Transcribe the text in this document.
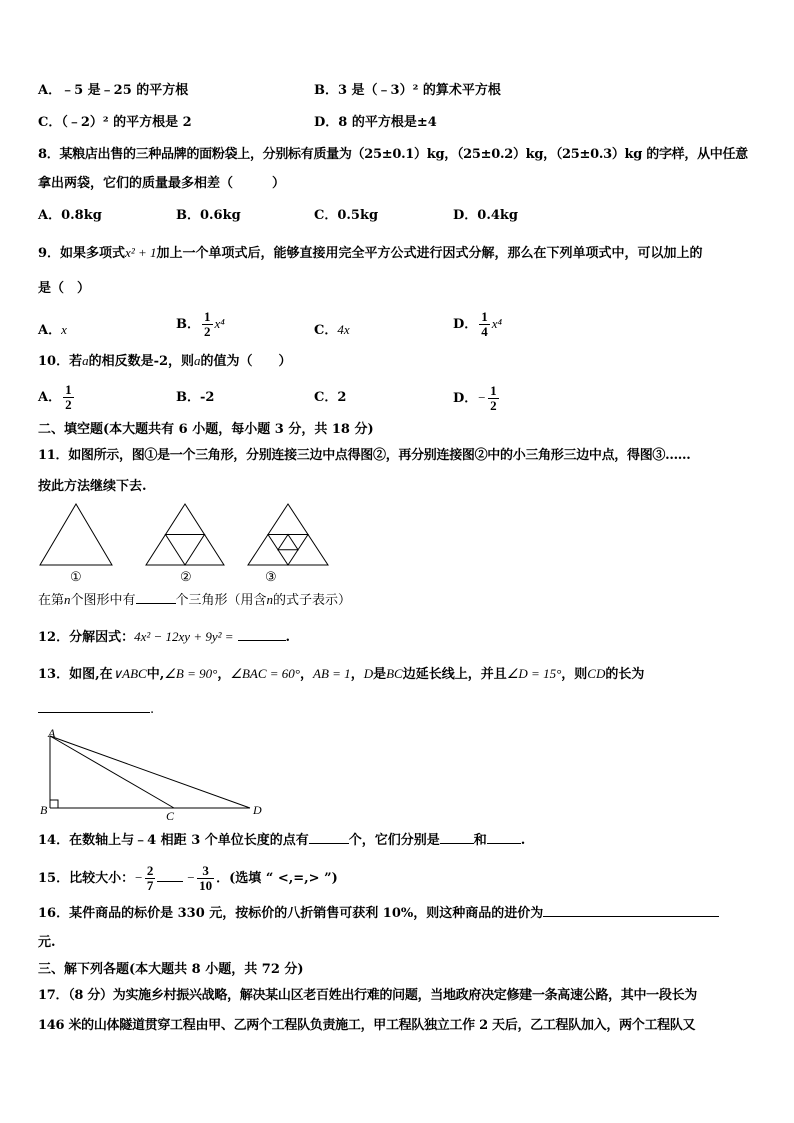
A．﹣5 是﹣25 的平方根	B．3 是（﹣3）² 的算术平方根
C．（﹣2）² 的平方根是 2	D．8 的平方根是±4
8．某粮店出售的三种品牌的面粉袋上，分别标有质量为（25±0.1）kg，（25±0.2）kg，（25±0.3）kg 的字样，从中任意
拿出两袋，它们的质量最多相差（　　　）
A．0.8kg	B．0.6kg	C．0.5kg	D．0.4kg
9．如果多项式x² + 1加上一个单项式后，能够直接用完全平方公式进行因式分解，那么在下列单项式中，可以加上的
是（　）
A．x	B． $\frac{1}{2} x^4$	C．4x	D． $\frac{1}{4} x^4$
10．若a的相反数是-2，则a的值为（　　）
A． $\frac{1}{2}$	B．-2	C．2	D．− $\frac{1}{2}$
二、填空题(本大题共有 6 小题，每小题 3 分，共 18 分)
11．如图所示，图①是一个三角形，分别连接三边中点得图②，再分别连接图②中的小三角形三边中点，得图③……
按此方法继续下去.
①	②	③
在第n个图形中有	个三角形（用含n的式子表示）
12．分解因式：4x² − 12xy + 9y² =	.
13．如图,在∨ABC中,∠B = 90°，∠BAC = 60°，AB = 1，D是BC边延长线上，并且∠D = 15°，则CD的长为
.
A
B	C	D
14．在数轴上与﹣4 相距 3 个单位长度的点有	个，它们分别是	和	.
15．比较大小：− $\frac{2}{7} - \frac{3}{10}$ ．(选填 “ <,=,> ”)
16．某件商品的标价是 330 元，按标价的八折销售可获利 10%，则这种商品的进价为
元.
三、解下列各题(本大题共 8 小题，共 72 分)
17．（8 分）为实施乡村振兴战略，解决某山区老百姓出行难的问题，当地政府决定修建一条高速公路，其中一段长为
146 米的山体隧道贯穿工程由甲、乙两个工程队负责施工，甲工程队独立工作 2 天后，乙工程队加入，两个工程队又
